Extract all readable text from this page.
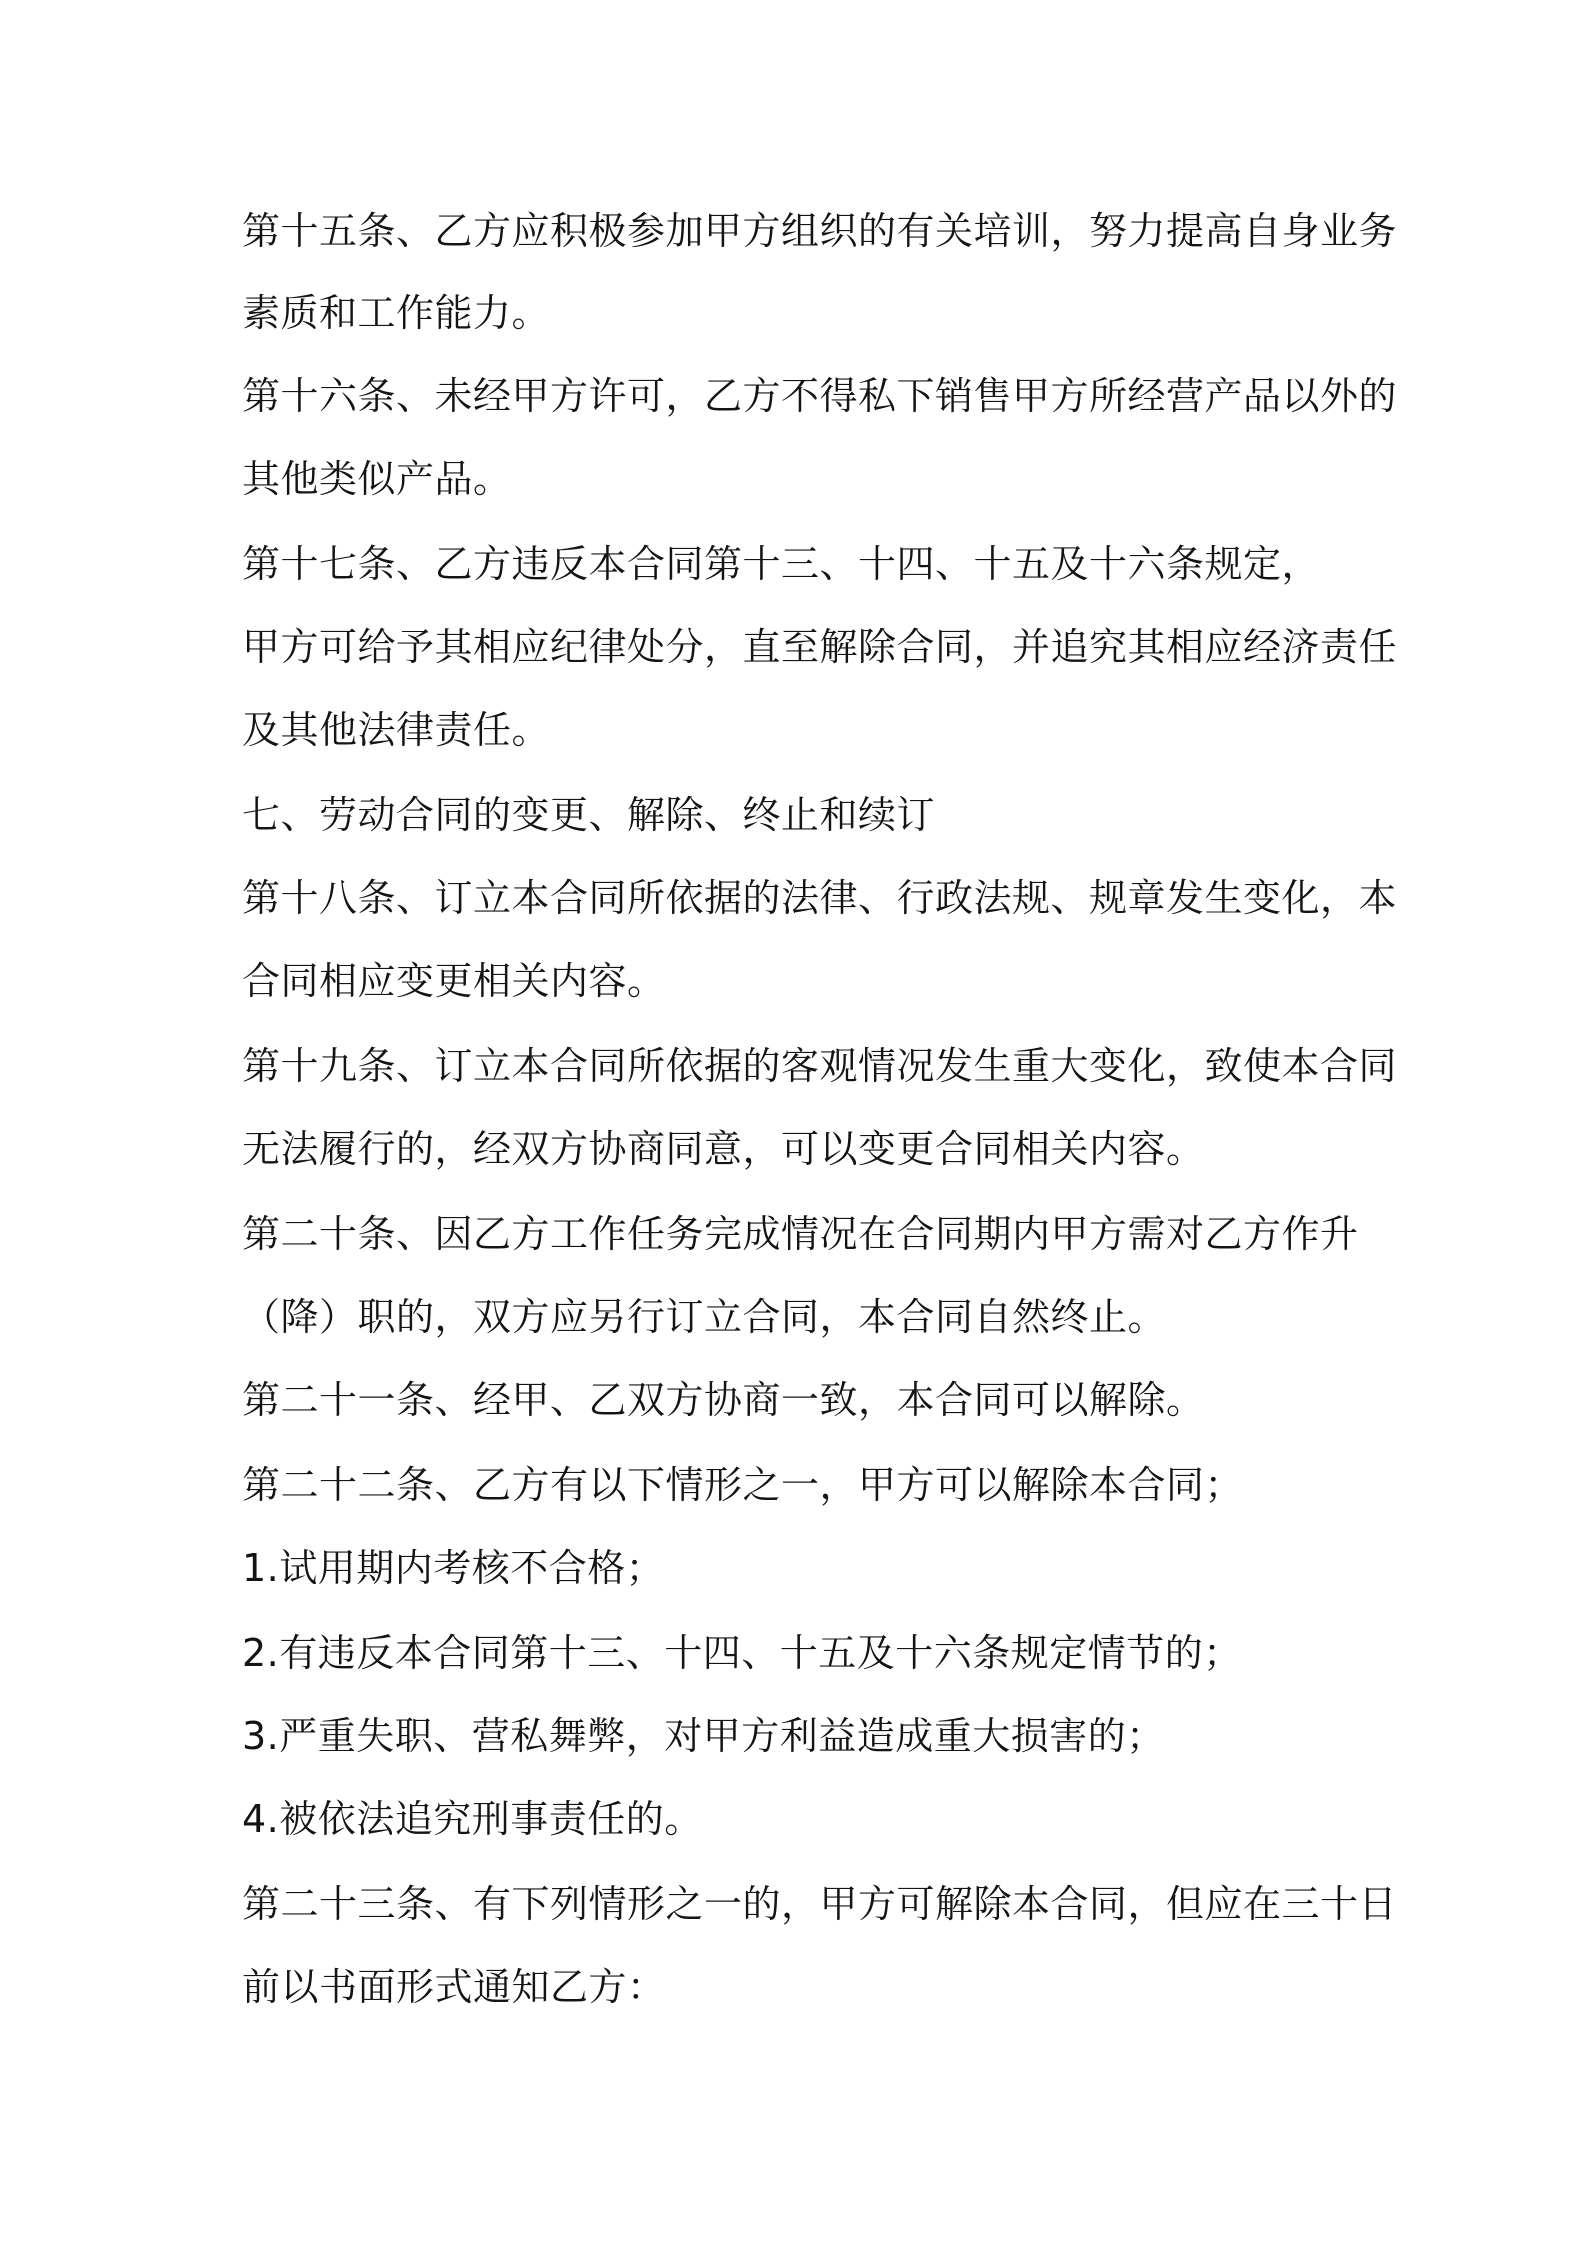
第十五条、乙方应积极参加甲方组织的有关培训，努力提高自身业务
素质和工作能力。
第十六条、未经甲方许可，乙方不得私下销售甲方所经营产品以外的
其他类似产品。
第十七条、乙方违反本合同第十三、十四、十五及十六条规定，
甲方可给予其相应纪律处分，直至解除合同，并追究其相应经济责任
及其他法律责任。
七、劳动合同的变更、解除、终止和续订
第十八条、订立本合同所依据的法律、行政法规、规章发生变化，本
合同相应变更相关内容。
第十九条、订立本合同所依据的客观情况发生重大变化，致使本合同
无法履行的，经双方协商同意，可以变更合同相关内容。
第二十条、因乙方工作任务完成情况在合同期内甲方需对乙方作升
（降）职的，双方应另行订立合同，本合同自然终止。
第二十一条、经甲、乙双方协商一致，本合同可以解除。
第二十二条、乙方有以下情形之一，甲方可以解除本合同；
1.试用期内考核不合格；
2.有违反本合同第十三、十四、十五及十六条规定情节的；
3.严重失职、营私舞弊，对甲方利益造成重大损害的；
4.被依法追究刑事责任的。
第二十三条、有下列情形之一的，甲方可解除本合同，但应在三十日
前以书面形式通知乙方：
